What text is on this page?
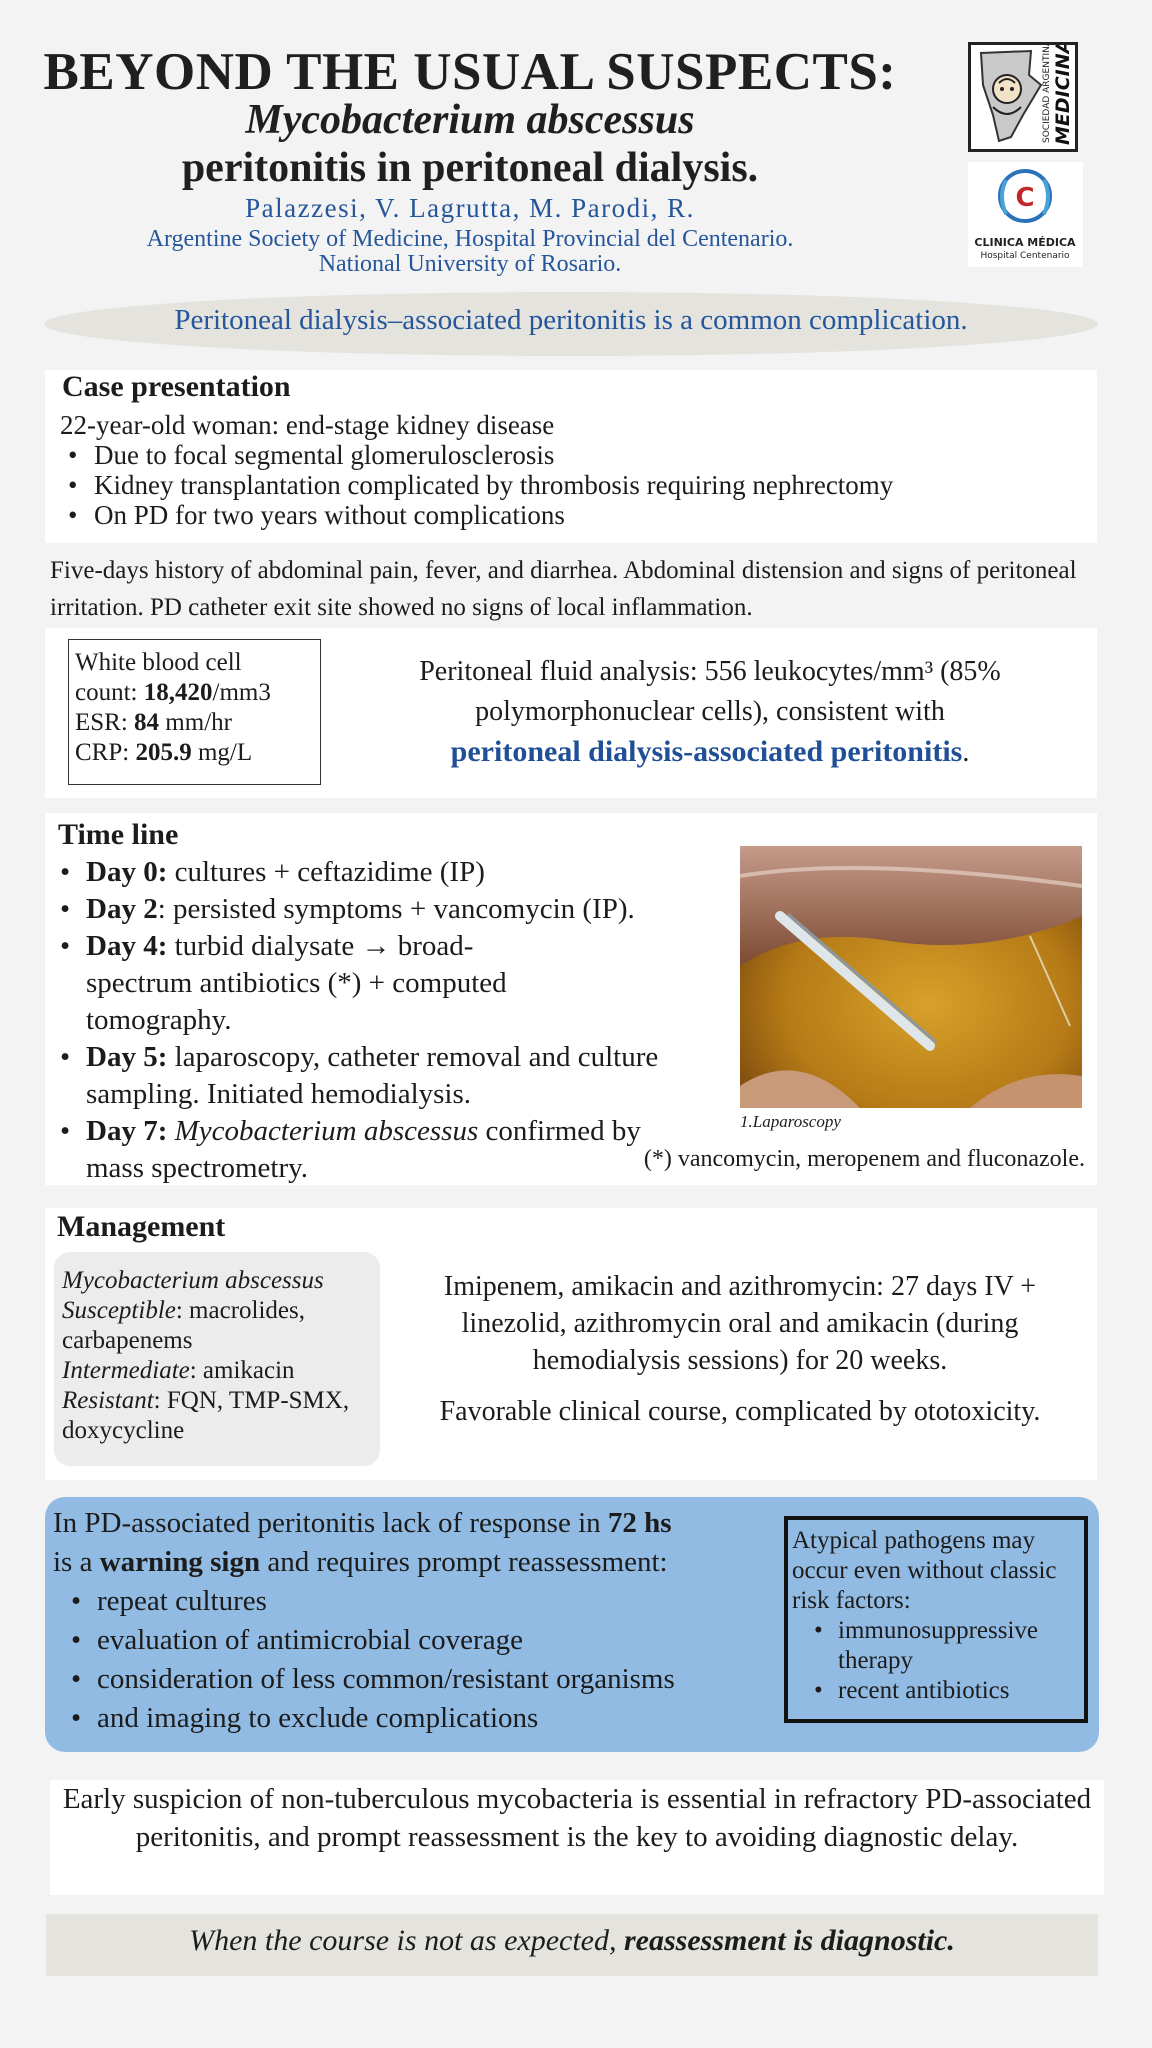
BEYOND THE USUAL SUSPECTS:
Mycobacterium abscessus
peritonitis in peritoneal dialysis.
Palazzesi, V. Lagrutta, M. Parodi, R.
Argentine Society of Medicine, Hospital Provincial del Centenario.
National University of Rosario.
SOCIEDAD ARGENTINA MEDICINA
C
CLINICA MÉDICA
Hospital Centenario
Peritoneal dialysis–associated peritonitis is a common complication.
Case presentation
22-year-old woman: end-stage kidney disease
• Due to focal segmental glomerulosclerosis
• Kidney transplantation complicated by thrombosis requiring nephrectomy
• On PD for two years without complications
Five-days history of abdominal pain, fever, and diarrhea. Abdominal distension and signs of peritoneal irritation. PD catheter exit site showed no signs of local inflammation.
White blood cell
count: 18,420/mm3
ESR: 84 mm/hr
CRP: 205.9 mg/L
Peritoneal fluid analysis: 556 leukocytes/mm³ (85% polymorphonuclear cells), consistent with
peritoneal dialysis-associated peritonitis.
Time line
• Day 0: cultures + ceftazidime (IP)
• Day 2: persisted symptoms + vancomycin (IP).
• Day 4: turbid dialysate → broad-spectrum antibiotics (*) + computed tomography.
• Day 5: laparoscopy, catheter removal and culture sampling. Initiated hemodialysis.
• Day 7: Mycobacterium abscessus confirmed by mass spectrometry.
1.Laparoscopy
(*) vancomycin, meropenem and fluconazole.
Management
Mycobacterium abscessus
Susceptible: macrolides, carbapenems
Intermediate: amikacin
Resistant: FQN, TMP-SMX, doxycycline
Imipenem, amikacin and azithromycin: 27 days IV + linezolid, azithromycin oral and amikacin (during hemodialysis sessions) for 20 weeks.
Favorable clinical course, complicated by ototoxicity.
In PD-associated peritonitis lack of response in 72 hs
is a warning sign and requires prompt reassessment:
• repeat cultures
• evaluation of antimicrobial coverage
• consideration of less common/resistant organisms
• and imaging to exclude complications
Atypical pathogens may occur even without classic risk factors:
• immunosuppressive therapy
• recent antibiotics
Early suspicion of non-tuberculous mycobacteria is essential in refractory PD-associated peritonitis, and prompt reassessment is the key to avoiding diagnostic delay.
When the course is not as expected, reassessment is diagnostic.
